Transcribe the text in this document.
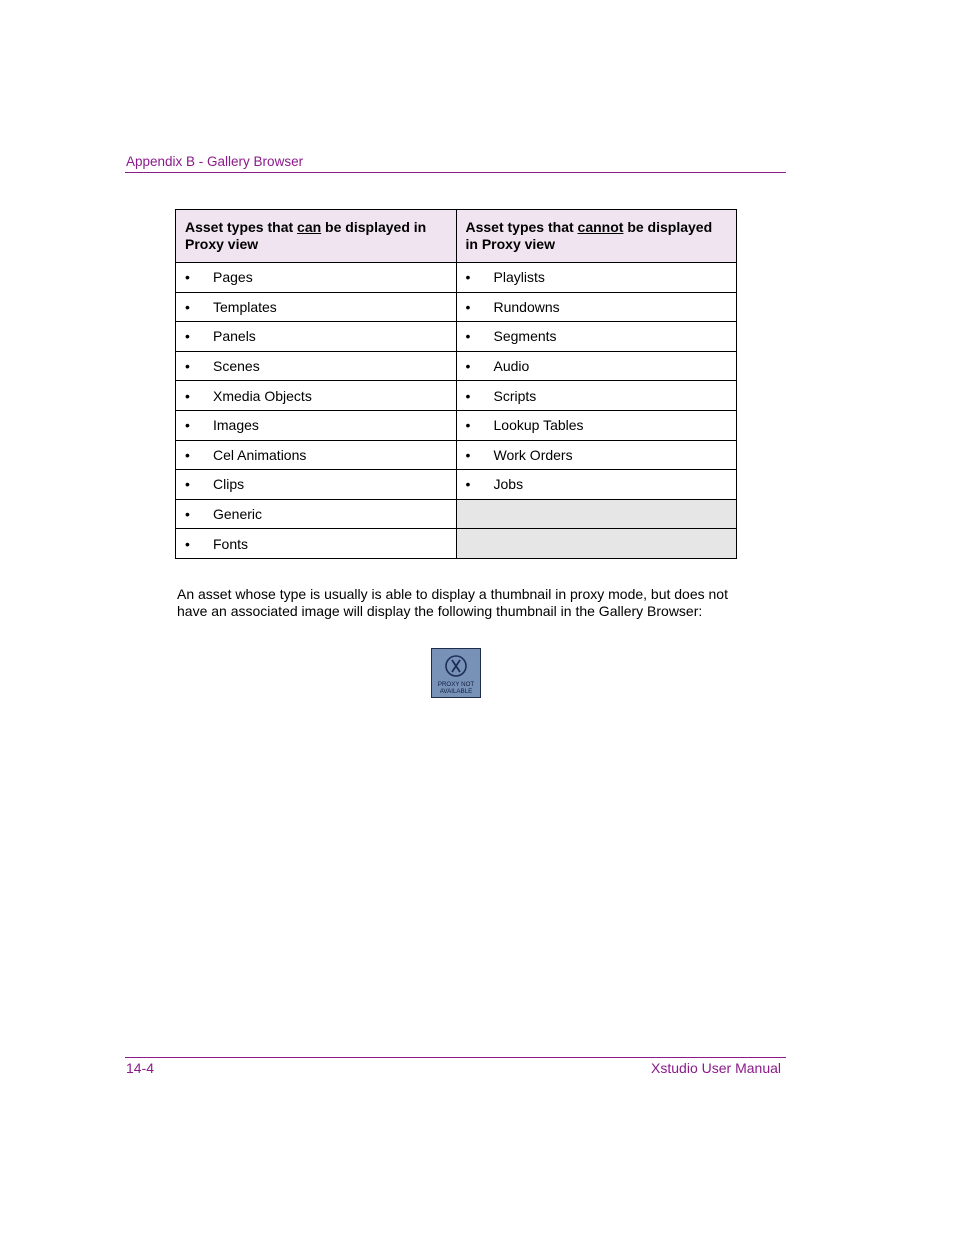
Appendix B - Gallery Browser
Asset types that can be displayed in Proxy view	Asset types that cannot be displayed in Proxy view
• Pages	• Playlists
• Templates	• Rundowns
• Panels	• Segments
• Scenes	• Audio
• Xmedia Objects	• Scripts
• Images	• Lookup Tables
• Cel Animations	• Work Orders
• Clips	• Jobs
• Generic	
• Fonts	
An asset whose type is usually is able to display a thumbnail in proxy mode, but does not have an associated image will display the following thumbnail in the Gallery Browser:
PROXY NOT
AVAILABLE
14-4	Xstudio User Manual
